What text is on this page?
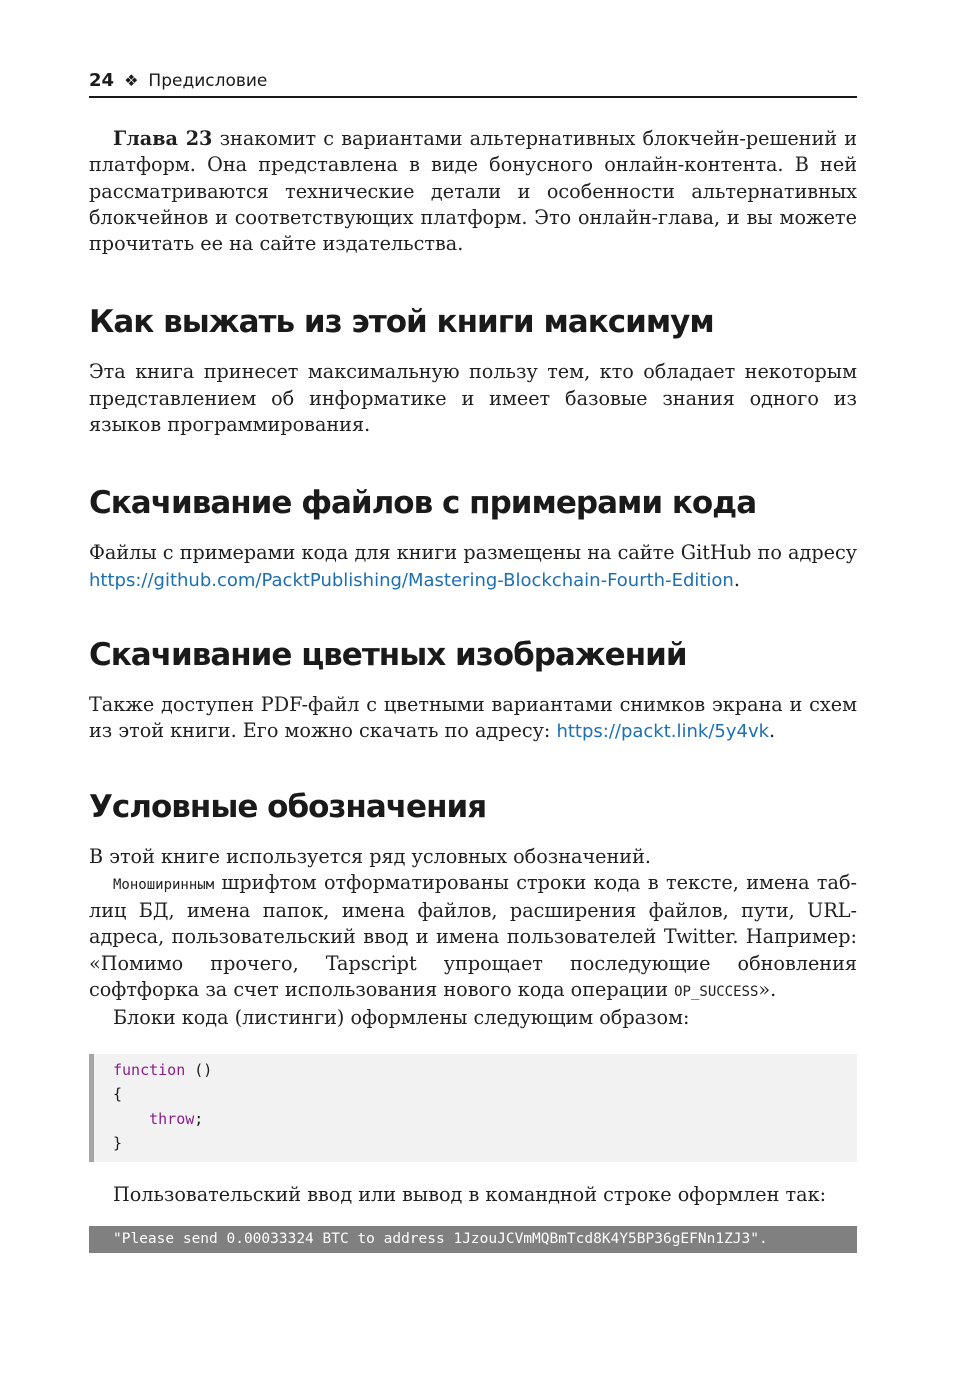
24 ❖ Предисловие

Глава 23 знакомит с вариантами альтернативных блокчейн-решений и платформ. Она представлена в виде бонусного онлайн-контента. В ней рассматриваются технические детали и особенности альтернативных блокчейнов и соответствующих платформ. Это онлайн-глава, и вы можете прочитать ее на сайте издательства.

Как выжать из этой книги максимум

Эта книга принесет максимальную пользу тем, кто обладает некоторым представлением об информатике и имеет базовые знания одного из языков программирования.

Скачивание файлов с примерами кода

Файлы с примерами кода для книги размещены на сайте GitHub по адресу https://github.com/PacktPublishing/Mastering-Blockchain-Fourth-Edition.

Скачивание цветных изображений

Также доступен PDF-файл с цветными вариантами снимков экрана и схем из этой книги. Его можно скачать по адресу: https://packt.link/5y4vk.

Условные обозначения

В этой книге используется ряд условных обозначений.

Моноширинным шрифтом отформатированы строки кода в тексте, имена таблиц БД, имена папок, имена файлов, расширения файлов, пути, URL-адреса, пользовательский ввод и имена пользователей Twitter. Например: «Помимо прочего, Tapscript упрощает последующие обновления софтфорка за счет использования нового кода операции OP_SUCCESS».

Блоки кода (листинги) оформлены следующим образом:

function ()
{
throw;
}

Пользовательский ввод или вывод в командной строке оформлен так:

"Please send 0.00033324 BTC to address 1JzouJCVmMQBmTcd8K4Y5BP36gEFNn1ZJ3".
